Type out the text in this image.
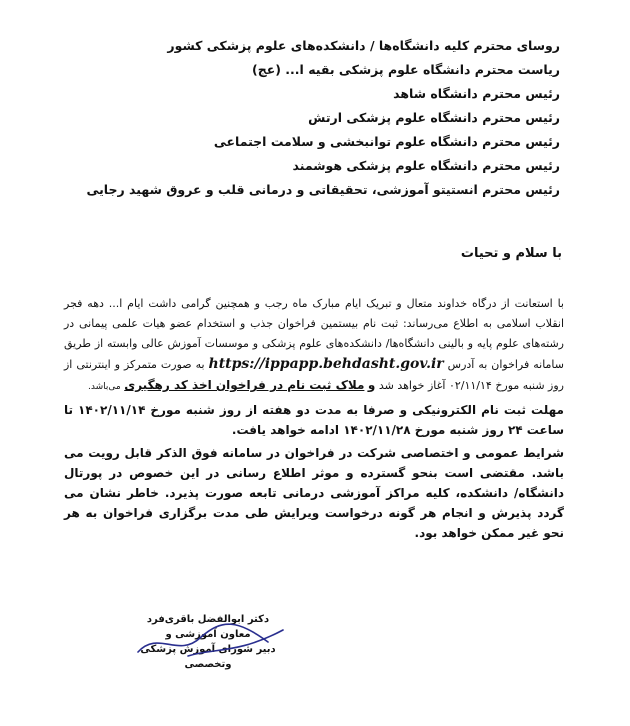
روسای محترم کلیه دانشگاه‌ها / دانشکده‌های علوم پزشکی کشور
ریاست محترم دانشگاه علوم پزشکی بقیه ا... (عج)
رئیس محترم دانشگاه شاهد
رئیس محترم دانشگاه علوم پزشکی ارتش
رئیس محترم دانشگاه علوم توانبخشی و سلامت اجتماعی
رئیس محترم دانشگاه علوم پزشکی هوشمند
رئیس محترم انستیتو آموزشی، تحقیقاتی و درمانی قلب و عروق شهید رجایی
با سلام و تحیات
با استعانت از درگاه خداوند متعال و تبریک ایام مبارک ماه رجب و همچنین گرامی داشت ایام ا... دهه فجر انقلاب اسلامی به اطلاع می‌رساند: ثبت نام بیستمین فراخوان جذب و استخدام عضو هیات علمی پیمانی در رشته‌های علوم پایه و بالینی دانشگاه‌ها/ دانشکده‌های علوم پزشکی و موسسات آموزش عالی وابسته از طریق سامانه فراخوان به آدرس https://ippapp.behdasht.gov.ir به صورت متمرکز و اینترنتی از روز شنبه مورخ ۰۲/۱۱/۱۴ آغاز خواهد شد و ملاک ثبت نام در فراخوان اخذ کد رهگیری می‌باشد.
مهلت ثبت نام الکترونیکی و صرفا به مدت دو هفته از روز شنبه مورخ ۱۴۰۲/۱۱/۱۴ تا ساعت ۲۴ روز شنبه مورخ ۱۴۰۲/۱۱/۲۸ ادامه خواهد یافت.
شرایط عمومی و اختصاصی شرکت در فراخوان در سامانه فوق الذکر قابل رویت می باشد. مقتضی است بنحو گسترده و موثر اطلاع رسانی در این خصوص در پورتال دانشگاه/ دانشکده، کلیه مراکز آموزشی درمانی تابعه صورت پذیرد. خاطر نشان می گردد پذیرش و انجام هر گونه درخواست ویرایش طی مدت برگزاری فراخوان به هر نحو غیر ممکن خواهد بود.
دکتر ابوالفضل باقری‌فرد
معاون آموزشی و
دبیر شورای آموزش پزشکی وتخصصی
